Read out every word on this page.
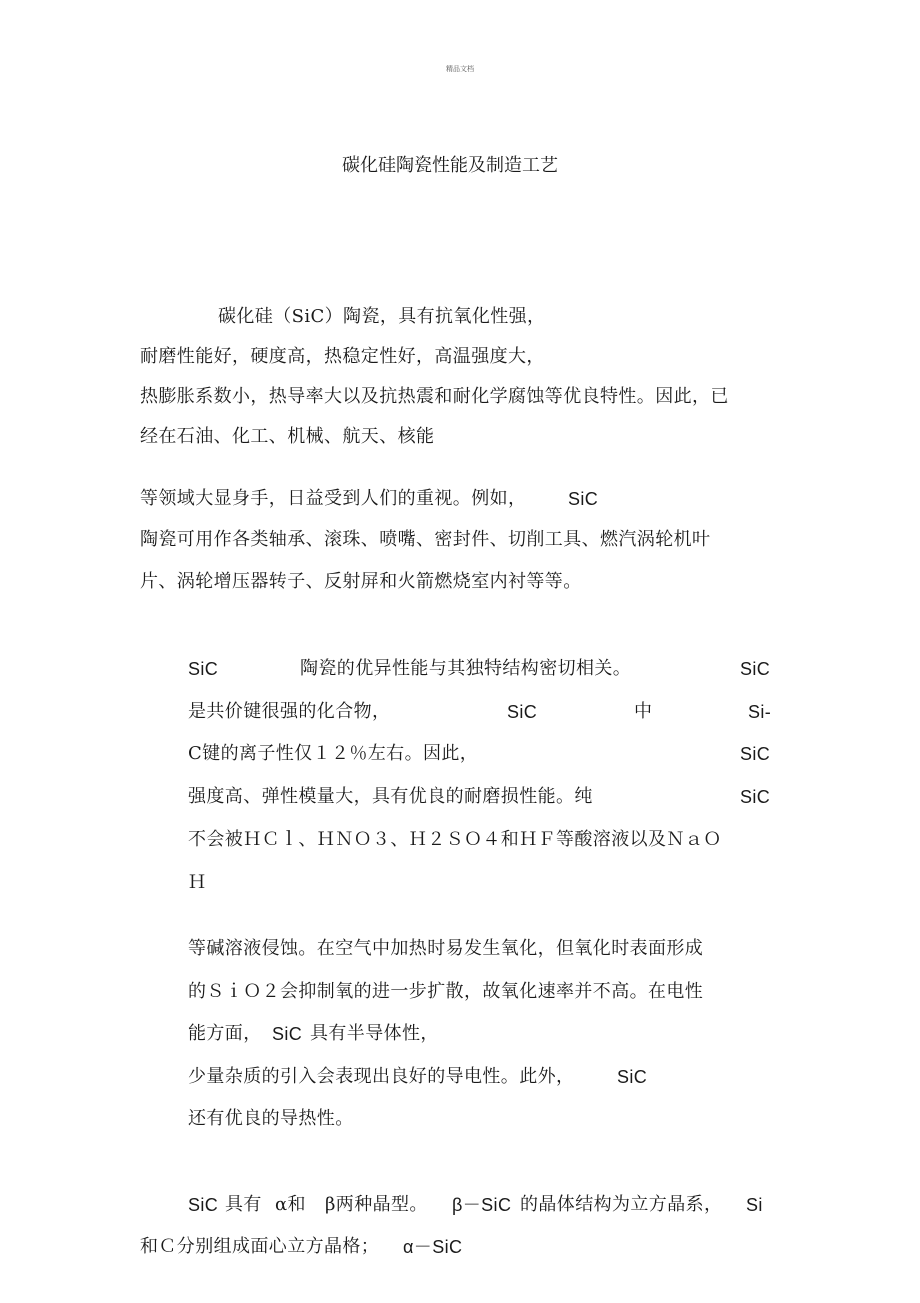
精品文档
碳化硅陶瓷性能及制造工艺
碳化硅（SiC）陶瓷，具有抗氧化性强，
耐磨性能好，硬度高，热稳定性好，高温强度大，
热膨胀系数小，热导率大以及抗热震和耐化学腐蚀等优良特性。因此，已
经在石油、化工、机械、航天、核能
等领域大显身手，日益受到人们的重视。例如， SiC
陶瓷可用作各类轴承、滚珠、喷嘴、密封件、切削工具、燃汽涡轮机叶
片、涡轮增压器转子、反射屏和火箭燃烧室内衬等等。
SiC	陶瓷的优异性能与其独特结构密切相关。	SiC
是共价键很强的化合物，	SiC	中	Si-
C键的离子性仅１２％左右。因此，	SiC
强度高、弹性模量大，具有优良的耐磨损性能。纯	SiC
不会被ＨＣｌ、ＨＮＯ３、Ｈ２ＳＯ４和ＨＦ等酸溶液以及ＮａＯ
Ｈ
等碱溶液侵蚀。在空气中加热时易发生氧化，但氧化时表面形成
的ＳｉＯ２会抑制氧的进一步扩散，故氧化速率并不高。在电性
能方面， SiC 具有半导体性，
少量杂质的引入会表现出良好的导电性。此外， SiC
还有优良的导热性。
SiC 具有 α和 β两种晶型。 β－SiC 的晶体结构为立方晶系， Si
和Ｃ分别组成面心立方晶格； α－SiC
